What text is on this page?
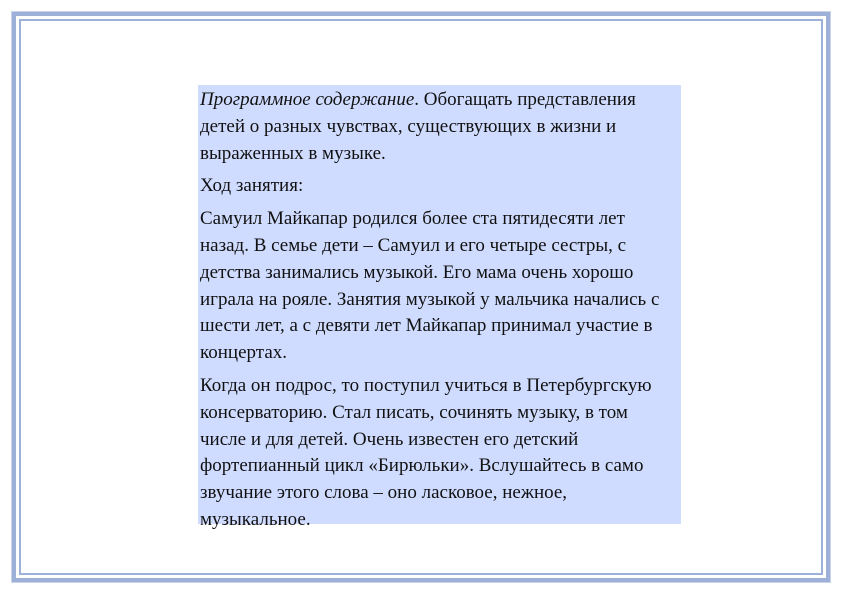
Программное содержание. Обогащать представления детей о разных чувствах, существующих в жизни и выраженных в музыке.

Ход занятия:

Самуил Майкапар родился более ста пятидесяти лет назад. В семье дети – Самуил и его четыре сестры, с детства занимались музыкой. Его мама очень хорошо играла на рояле. Занятия музыкой у мальчика начались с шести лет, а с девяти лет Майкапар принимал участие в концертах.

Когда он подрос, то поступил учиться в Петербургскую консерваторию. Стал писать, сочинять музыку, в том числе и для детей. Очень известен его детский фортепианный цикл «Бирюльки». Вслушайтесь в само звучание этого слова – оно ласковое, нежное, музыкальное.
